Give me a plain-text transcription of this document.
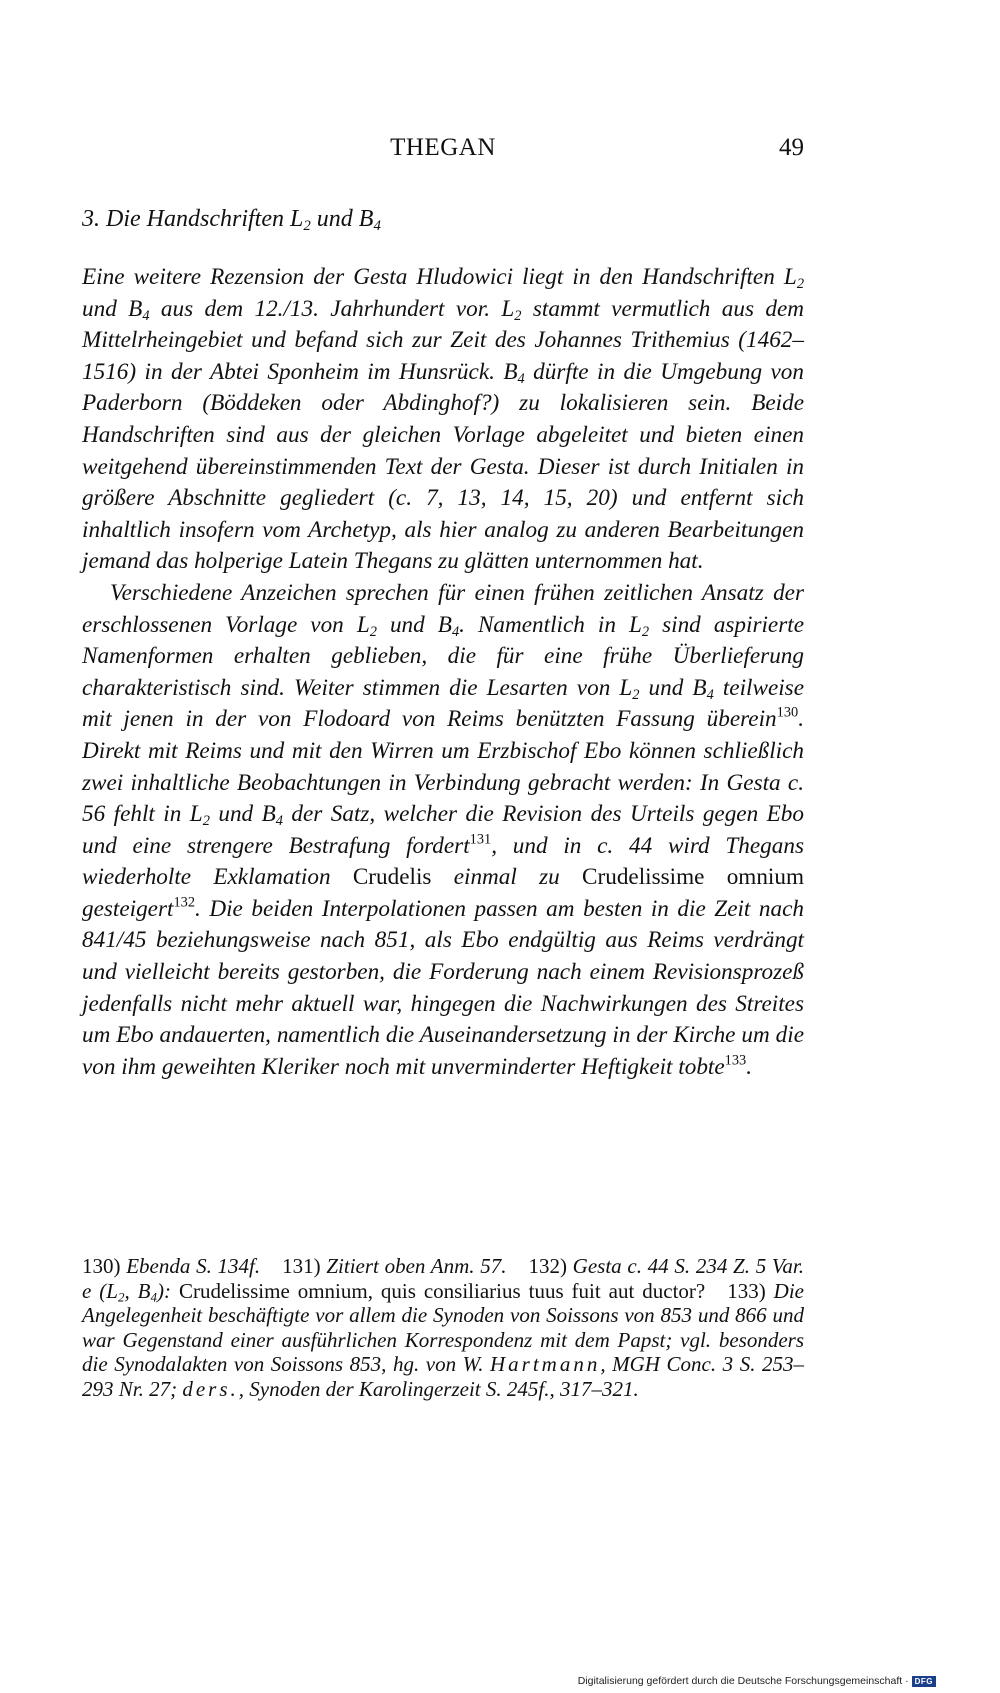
THEGAN	49
3. Die Handschriften $L_2$ und $B_4$

Eine weitere Rezension der Gesta Hludowici liegt in den Handschriften $L_2$ und $B_4$ aus dem 12./13. Jahrhundert vor. $L_2$ stammt vermutlich aus dem Mittelrheingebiet und befand sich zur Zeit des Johannes Trithemius (1462–1516) in der Abtei Sponheim im Hunsrück. $B_4$ dürfte in die Umgebung von Paderborn (Böddeken oder Abdinghof?) zu lokalisieren sein. Beide Handschriften sind aus der gleichen Vorlage abgeleitet und bieten einen weitgehend übereinstimmenden Text der Gesta. Dieser ist durch Initialen in größere Abschnitte gegliedert (c. 7, 13, 14, 15, 20) und entfernt sich inhaltlich insofern vom Archetyp, als hier analog zu anderen Bearbeitungen jemand das holperige Latein Thegans zu glätten unternommen hat.

Verschiedene Anzeichen sprechen für einen frühen zeitlichen Ansatz der erschlossenen Vorlage von $L_2$ und $B_4$. Namentlich in $L_2$ sind aspirierte Namenformen erhalten geblieben, die für eine frühe Überlieferung charakteristisch sind. Weiter stimmen die Lesarten von $L_2$ und $B_4$ teilweise mit jenen in der von Flodoard von Reims benützten Fassung überein$^{130}$. Direkt mit Reims und mit den Wirren um Erzbischof Ebo können schließlich zwei inhaltliche Beobachtungen in Verbindung gebracht werden: In Gesta c. 56 fehlt in $L_2$ und $B_4$ der Satz, welcher die Revision des Urteils gegen Ebo und eine strengere Bestrafung fordert$^{131}$, und in c. 44 wird Thegans wiederholte Exklamation Crudelis einmal zu Crudelissime omnium gesteigert$^{132}$. Die beiden Interpolationen passen am besten in die Zeit nach 841/45 beziehungsweise nach 851, als Ebo endgültig aus Reims verdrängt und vielleicht bereits gestorben, die Forderung nach einem Revisionsprozeß jedenfalls nicht mehr aktuell war, hingegen die Nachwirkungen des Streites um Ebo andauerten, namentlich die Auseinandersetzung in der Kirche um die von ihm geweihten Kleriker noch mit unverminderter Heftigkeit tobte$^{133}$.

130) Ebenda S. 134f. 131) Zitiert oben Anm. 57. 132) Gesta c. 44 S. 234 Z. 5 Var. e ($L_2$, $B_4$): Crudelissime omnium, quis consiliarius tuus fuit aut ductor? 133) Die Angelegenheit beschäftigte vor allem die Synoden von Soissons von 853 und 866 und war Gegenstand einer ausführlichen Korrespondenz mit dem Papst; vgl. besonders die Synodalakten von Soissons 853, hg. von W. Hartmann, MGH Conc. 3 S. 253–293 Nr. 27; ders., Synoden der Karolingerzeit S. 245f., 317–321.

Digitalisierung gefördert durch die Deutsche Forschungsgemeinschaft · DFG
